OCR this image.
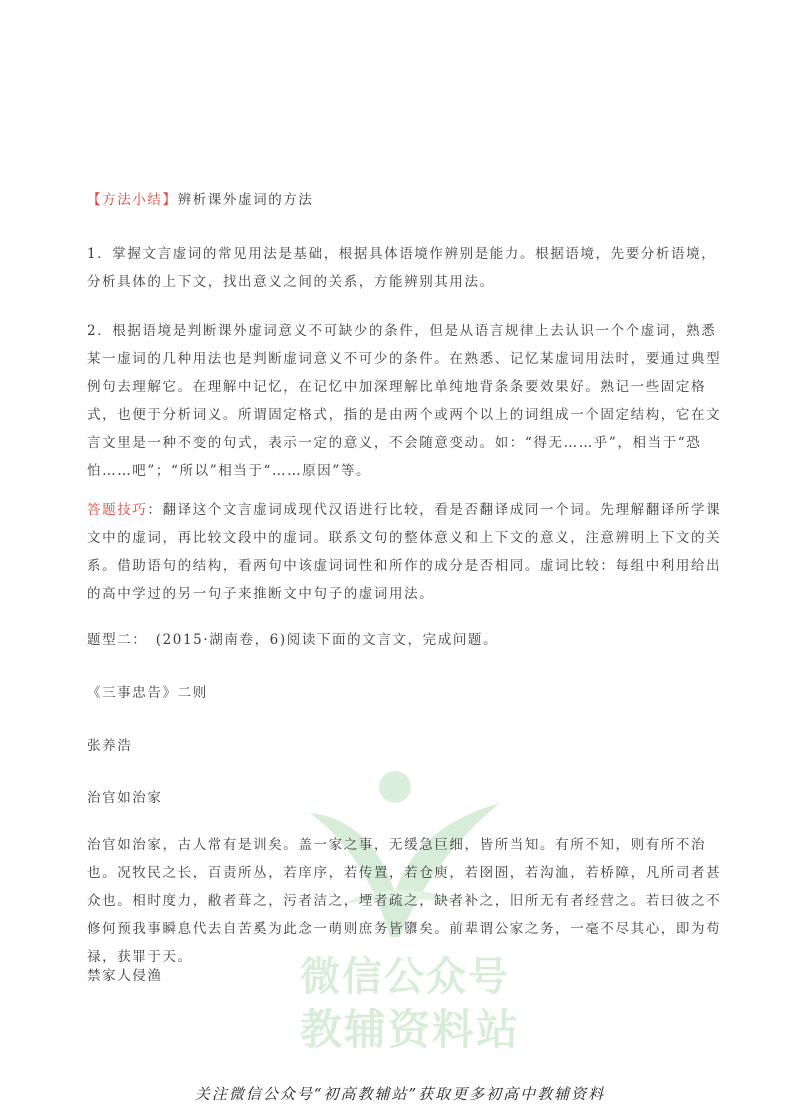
微信公众号
教辅资料站
【方法小结】辨析课外虚词的方法

1．掌握文言虚词的常见用法是基础，根据具体语境作辨别是能力。根据语境，先要分析语境，分析具体的上下文，找出意义之间的关系，方能辨别其用法。

2．根据语境是判断课外虚词意义不可缺少的条件，但是从语言规律上去认识一个个虚词，熟悉某一虚词的几种用法也是判断虚词意义不可少的条件。在熟悉、记忆某虚词用法时，要通过典型例句去理解它。在理解中记忆，在记忆中加深理解比单纯地背条条要效果好。熟记一些固定格式，也便于分析词义。所谓固定格式，指的是由两个或两个以上的词组成一个固定结构，它在文言文里是一种不变的句式，表示一定的意义，不会随意变动。如：“得无……乎”，相当于“恐怕……吧”；“所以”相当于“……原因”等。

答题技巧：翻译这个文言虚词成现代汉语进行比较，看是否翻译成同一个词。先理解翻译所学课文中的虚词，再比较文段中的虚词。联系文句的整体意义和上下文的意义，注意辨明上下文的关系。借助语句的结构，看两句中该虚词词性和所作的成分是否相同。虚词比较：每组中利用给出的高中学过的另一句子来推断文中句子的虚词用法。
题型二：　(2015·湖南卷，6)阅读下面的文言文，完成问题。
《三事忠告》二则
张养浩
治官如治家

治官如治家，古人常有是训矣。盖一家之事，无缓急巨细，皆所当知。有所不知，则有所不治也。况牧民之长，百责所丛，若庠序，若传置，若仓庾，若囹圄，若沟洫，若桥障，凡所司者甚众也。相时度力，敝者葺之，污者洁之，堙者疏之，缺者补之，旧所无有者经营之。若曰彼之不修何预我事瞬息代去自苦奚为此念一萌则庶务皆隳矣。前辈谓公家之务，一毫不尽其心，即为苟禄，获罪于天。

禁家人侵渔
关注微信公众号“初高教辅站”获取更多初高中教辅资料
